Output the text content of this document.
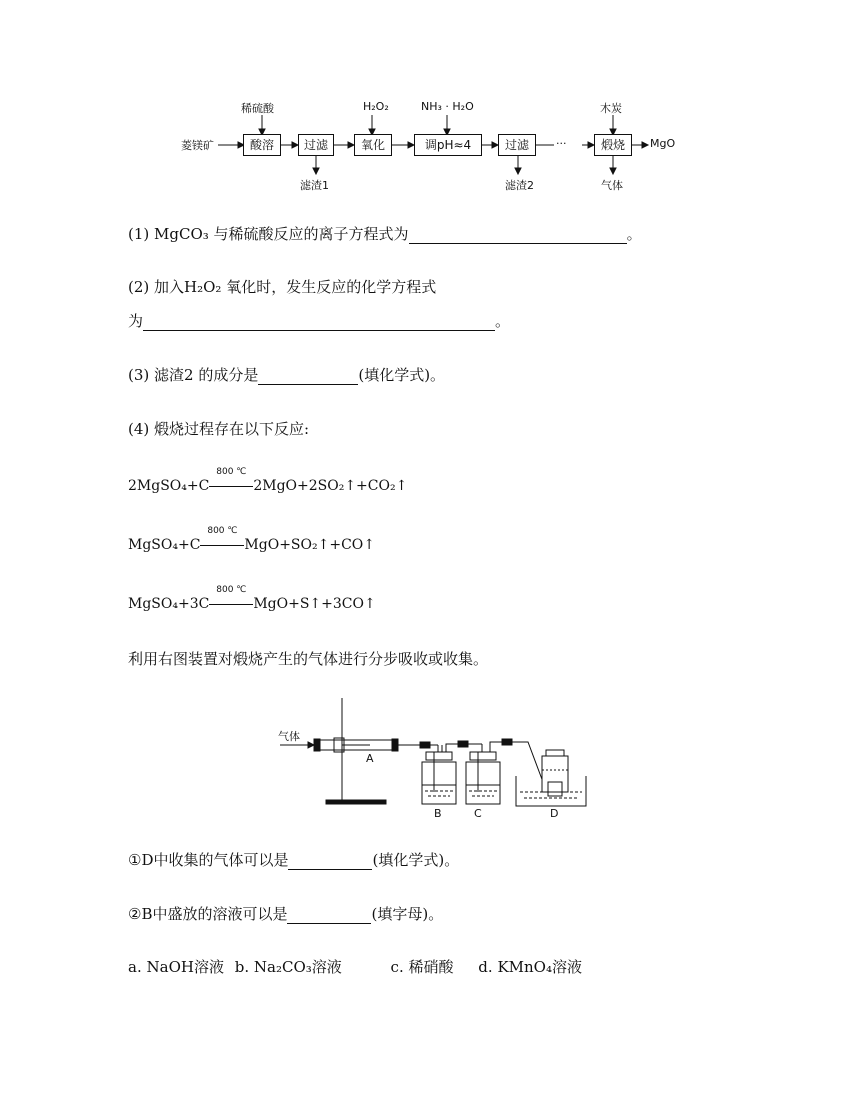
菱镁矿	酸溶	过滤	氧化	调pH≈4	过滤	···	煅烧	MgO
稀硫酸	H₂O₂	NH₃ · H₂O	木炭
滤渣1	滤渣2	气体
(1) MgCO₃ 与稀硫酸反应的离子方程式为	。
(2) 加入H₂O₂ 氧化时，发生反应的化学方程式
为	。
(3) 滤渣2 的成分是	(填化学式)。
(4) 煅烧过程存在以下反应:
2MgSO₄+C
800 ℃
2MgO+2SO₂↑+CO₂↑
MgSO₄+C
800 ℃
MgO+SO₂↑+CO↑
MgSO₄+3C
800 ℃
MgO+S↑+3CO↑
利用右图装置对煅烧产生的气体进行分步吸收或收集。
气体
A
B	C	D
①D中收集的气体可以是	(填化学式)。
②B中盛放的溶液可以是	(填字母)。
a. NaOH溶液 b. Na₂CO₃溶液	c. 稀硝酸 d. KMnO₄溶液
